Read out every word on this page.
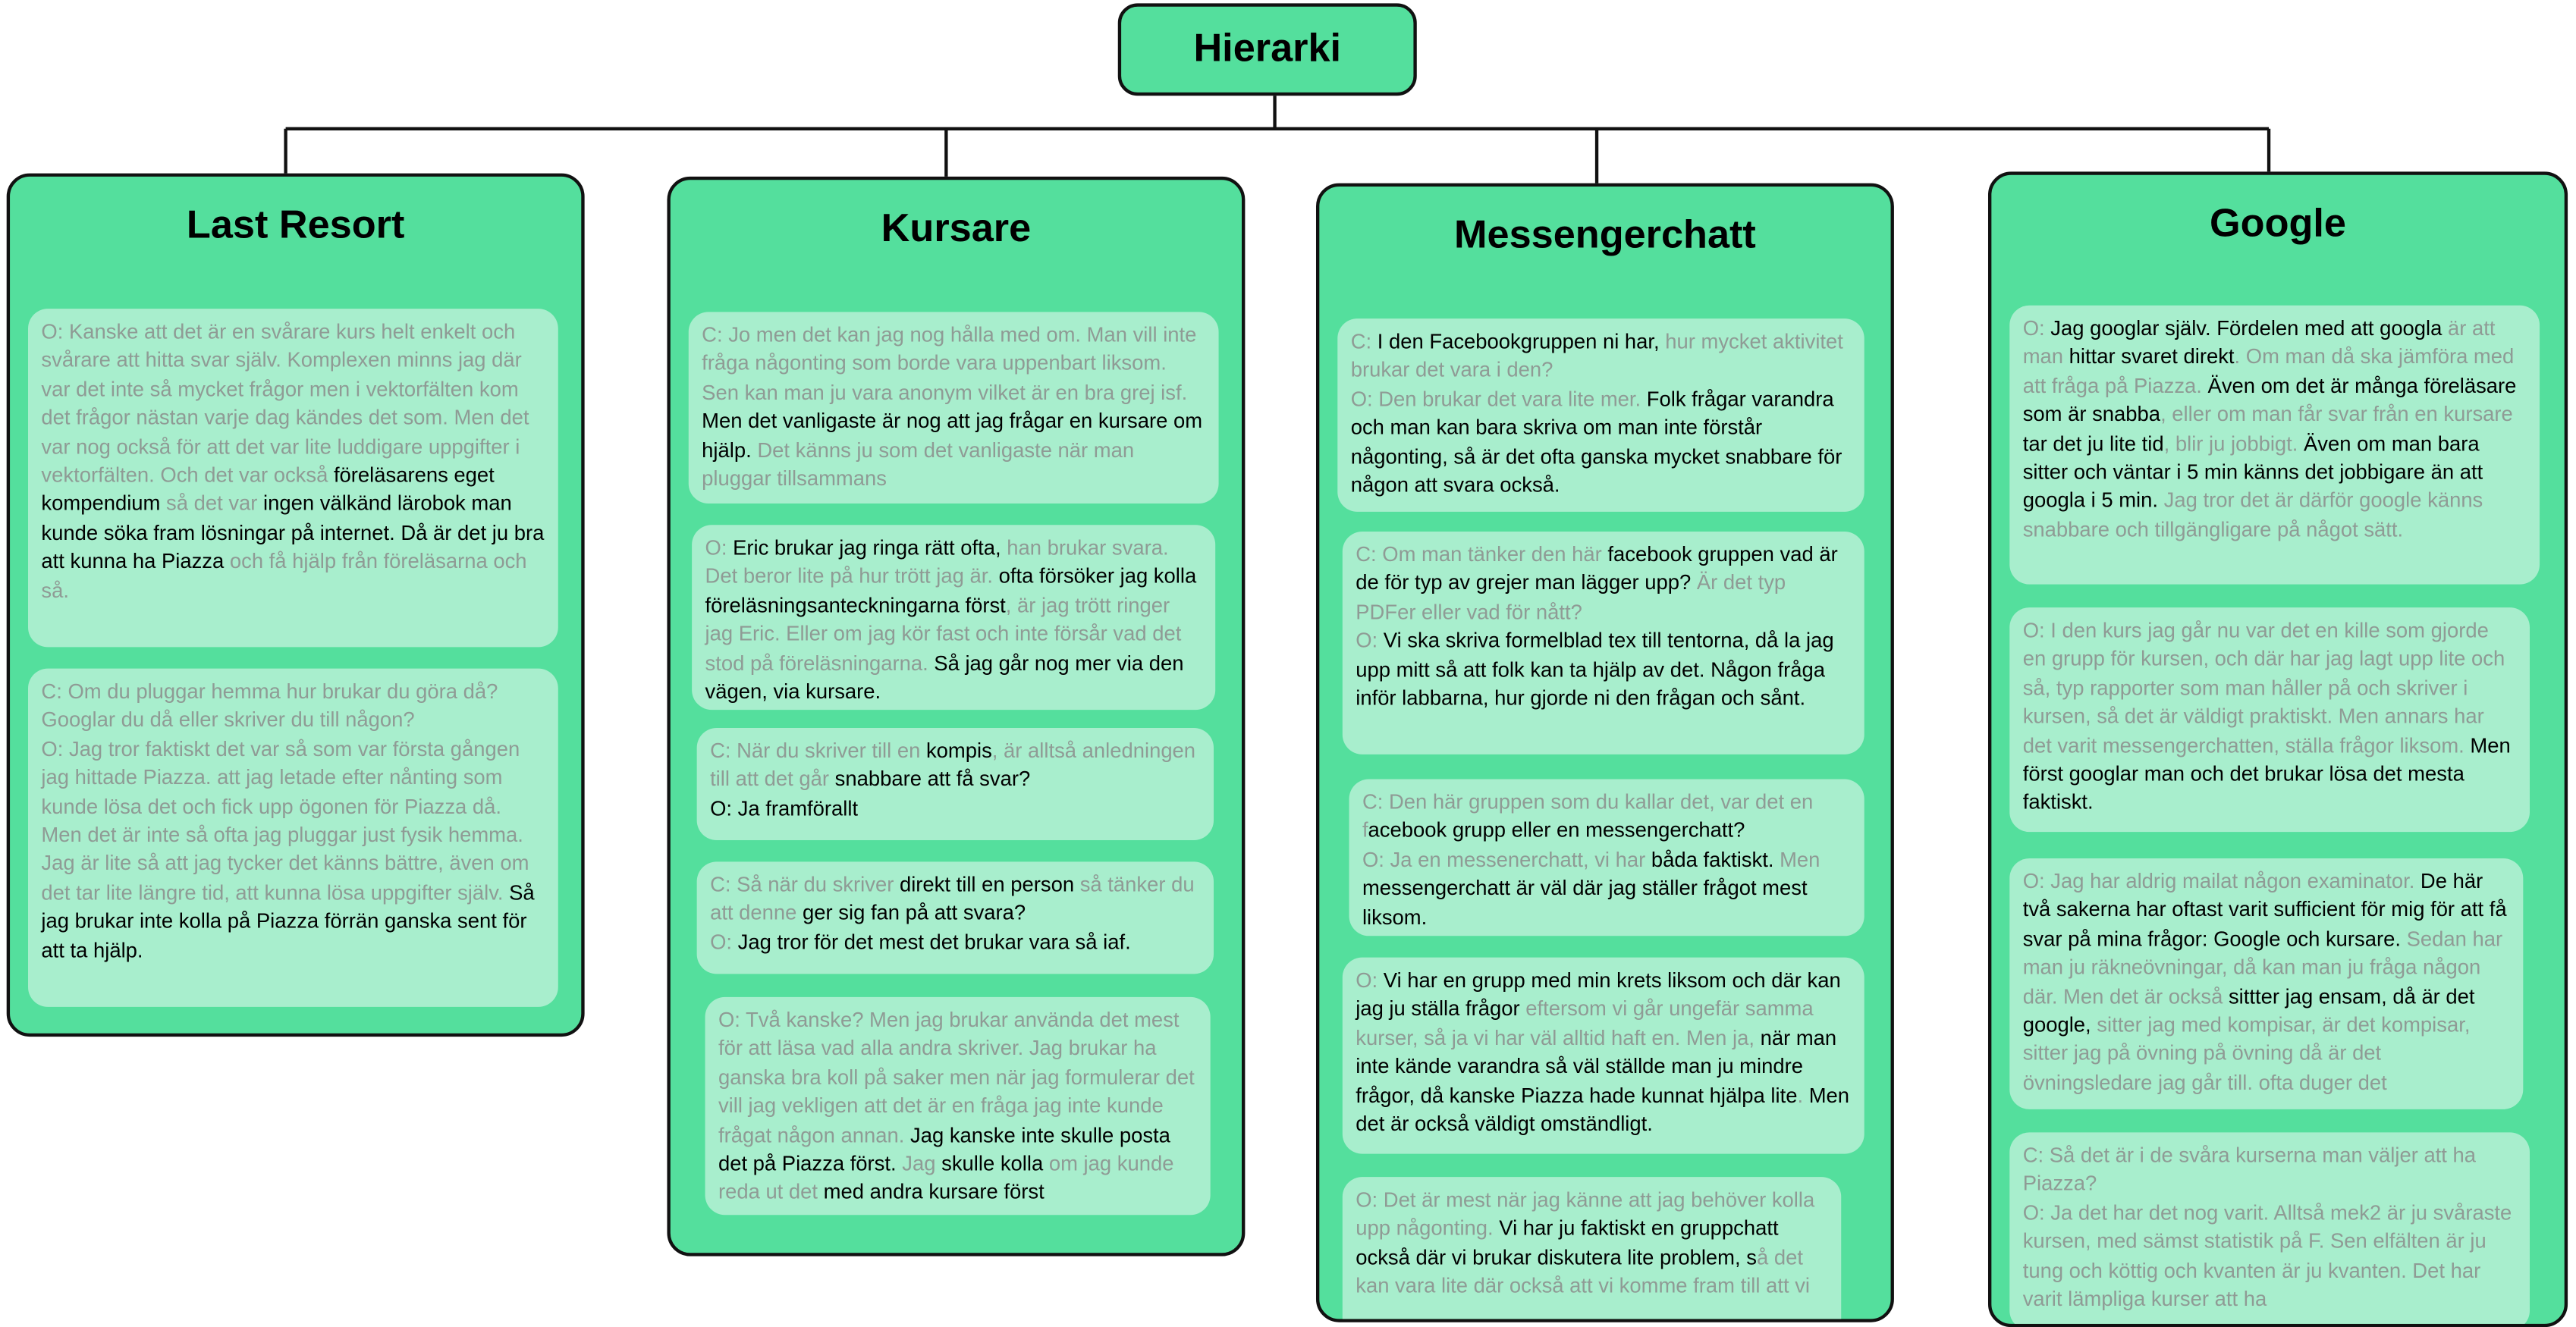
Hierarki
Last Resort
O: Kanske att det är en svårare kurs helt enkelt och svårare att hitta svar själv. Komplexen minns jag där var det inte så mycket frågor men i vektorfälten kom det frågor nästan varje dag kändes det som. Men det var nog också för att det var lite luddigare uppgifter i vektorfälten. Och det var också föreläsarens eget kompendium så det var ingen välkänd lärobok man kunde söka fram lösningar på internet. Då är det ju bra att kunna ha Piazza och få hjälp från föreläsarna och så.
C: Om du pluggar hemma hur brukar du göra då? Googlar du då eller skriver du till någon?
O: Jag tror faktiskt det var så som var första gången jag hittade Piazza. att jag letade efter nånting som kunde lösa det och fick upp ögonen för Piazza då. Men det är inte så ofta jag pluggar just fysik hemma. Jag är lite så att jag tycker det känns bättre, även om det tar lite längre tid, att kunna lösa uppgifter själv. Så jag brukar inte kolla på Piazza förrän ganska sent för att ta hjälp.
Kursare
C: Jo men det kan jag nog hålla med om. Man vill inte fråga någonting som borde vara uppenbart liksom. Sen kan man ju vara anonym vilket är en bra grej isf. Men det vanligaste är nog att jag frågar en kursare om hjälp. Det känns ju som det vanligaste när man pluggar tillsammans
O: Eric brukar jag ringa rätt ofta, han brukar svara. Det beror lite på hur trött jag är. ofta försöker jag kolla föreläsningsanteckningarna först, är jag trött ringer jag Eric. Eller om jag kör fast och inte försår vad det stod på föreläsningarna. Så jag går nog mer via den vägen, via kursare.
C: När du skriver till en kompis, är alltså anledningen till att det går snabbare att få svar?
O: Ja framförallt
C: Så när du skriver direkt till en person så tänker du att denne ger sig fan på att svara?
O: Jag tror för det mest det brukar vara så iaf.
O: Två kanske? Men jag brukar använda det mest för att läsa vad alla andra skriver. Jag brukar ha ganska bra koll på saker men när jag formulerar det vill jag vekligen att det är en fråga jag inte kunde frågat någon annan. Jag kanske inte skulle posta det på Piazza först. Jag skulle kolla om jag kunde reda ut det med andra kursare först
Messengerchatt
C: I den Facebookgruppen ni har, hur mycket aktivitet brukar det vara i den?
O: Den brukar det vara lite mer. Folk frågar varandra och man kan bara skriva om man inte förstår någonting, så är det ofta ganska mycket snabbare för någon att svara också.
C: Om man tänker den här facebook gruppen vad är de för typ av grejer man lägger upp? Är det typ PDFer eller vad för nått?
O: Vi ska skriva formelblad tex till tentorna, då la jag upp mitt så att folk kan ta hjälp av det. Någon fråga inför labbarna, hur gjorde ni den frågan och sånt.
C: Den här gruppen som du kallar det, var det en facebook grupp eller en messengerchatt?
O: Ja en messenerchatt, vi har båda faktiskt. Men messengerchatt är väl där jag ställer frågot mest liksom.
O: Vi har en grupp med min krets liksom och där kan jag ju ställa frågor eftersom vi går ungefär samma kurser, så ja vi har väl alltid haft en. Men ja, när man inte kände varandra så väl ställde man ju mindre frågor, då kanske Piazza hade kunnat hjälpa lite. Men det är också väldigt omständligt.
O: Det är mest när jag känne att jag behöver kolla upp någonting. Vi har ju faktiskt en gruppchatt också där vi brukar diskutera lite problem, så det kan vara lite där också att vi komme fram till att vi
Google
O: Jag googlar själv. Fördelen med att googla är att man hittar svaret direkt. Om man då ska jämföra med att fråga på Piazza. Även om det är många föreläsare som är snabba, eller om man får svar från en kursare tar det ju lite tid, blir ju jobbigt. Även om man bara sitter och väntar i 5 min känns det jobbigare än att googla i 5 min. Jag tror det är därför google känns snabbare och tillgängligare på något sätt.
O: I den kurs jag går nu var det en kille som gjorde en grupp för kursen, och där har jag lagt upp lite och så, typ rapporter som man håller på och skriver i kursen, så det är väldigt praktiskt. Men annars har det varit messengerchatten, ställa frågor liksom. Men först googlar man och det brukar lösa det mesta faktiskt.
O: Jag har aldrig mailat någon examinator. De här två sakerna har oftast varit sufficient för mig för att få svar på mina frågor: Google och kursare. Sedan har man ju räkneövningar, då kan man ju fråga någon där. Men det är också sittter jag ensam, då är det google, sitter jag med kompisar, är det kompisar, sitter jag på övning på övning då är det övningsledare jag går till. ofta duger det
C: Så det är i de svåra kurserna man väljer att ha Piazza?
O: Ja det har det nog varit. Alltså mek2 är ju svåraste kursen, med sämst statistik på F. Sen elfälten är ju tung och köttig och kvanten är ju kvanten. Det har varit lämpliga kurser att ha
